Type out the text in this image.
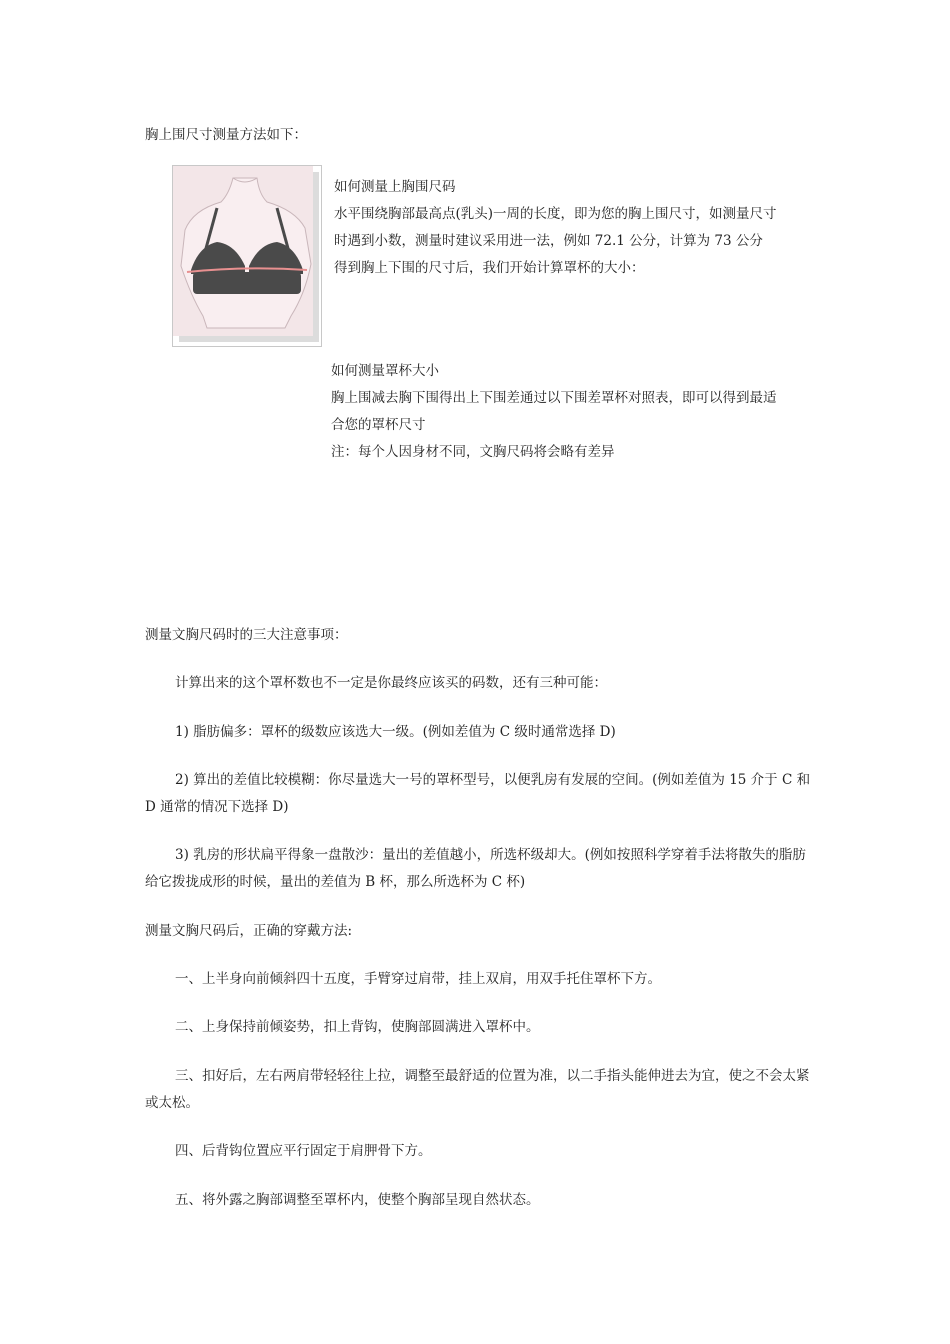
胸上围尺寸测量方法如下：

如何测量上胸围尺码
水平围绕胸部最高点(乳头)一周的长度，即为您的胸上围尺寸，如测量尺寸
时遇到小数，测量时建议采用进一法，例如 72.1 公分，计算为 73 公分
得到胸上下围的尺寸后，我们开始计算罩杯的大小：
如何测量罩杯大小
胸上围减去胸下围得出上下围差通过以下围差罩杯对照表，即可以得到最适
合您的罩杯尺寸
注：每个人因身材不同，文胸尺码将会略有差异

测量文胸尺码时的三大注意事项：

计算出来的这个罩杯数也不一定是你最终应该买的码数，还有三种可能：

1) 脂肪偏多：罩杯的级数应该选大一级。(例如差值为 C 级时通常选择 D)

2) 算出的差值比较模糊：你尽量选大一号的罩杯型号，以便乳房有发展的空间。(例如差值为 15 介于 C 和 D 通常的情况下选择 D)

3) 乳房的形状扁平得象一盘散沙：量出的差值越小，所选杯级却大。(例如按照科学穿着手法将散失的脂肪给它拨拢成形的时候，量出的差值为 B 杯，那么所选杯为 C 杯)

测量文胸尺码后，正确的穿戴方法:

一、上半身向前倾斜四十五度，手臂穿过肩带，挂上双肩，用双手托住罩杯下方。

二、上身保持前倾姿势，扣上背钩，使胸部圆满进入罩杯中。

三、扣好后，左右两肩带轻轻往上拉，调整至最舒适的位置为准，以二手指头能伸进去为宜，使之不会太紧或太松。

四、后背钩位置应平行固定于肩胛骨下方。

五、将外露之胸部调整至罩杯内，使整个胸部呈现自然状态。
